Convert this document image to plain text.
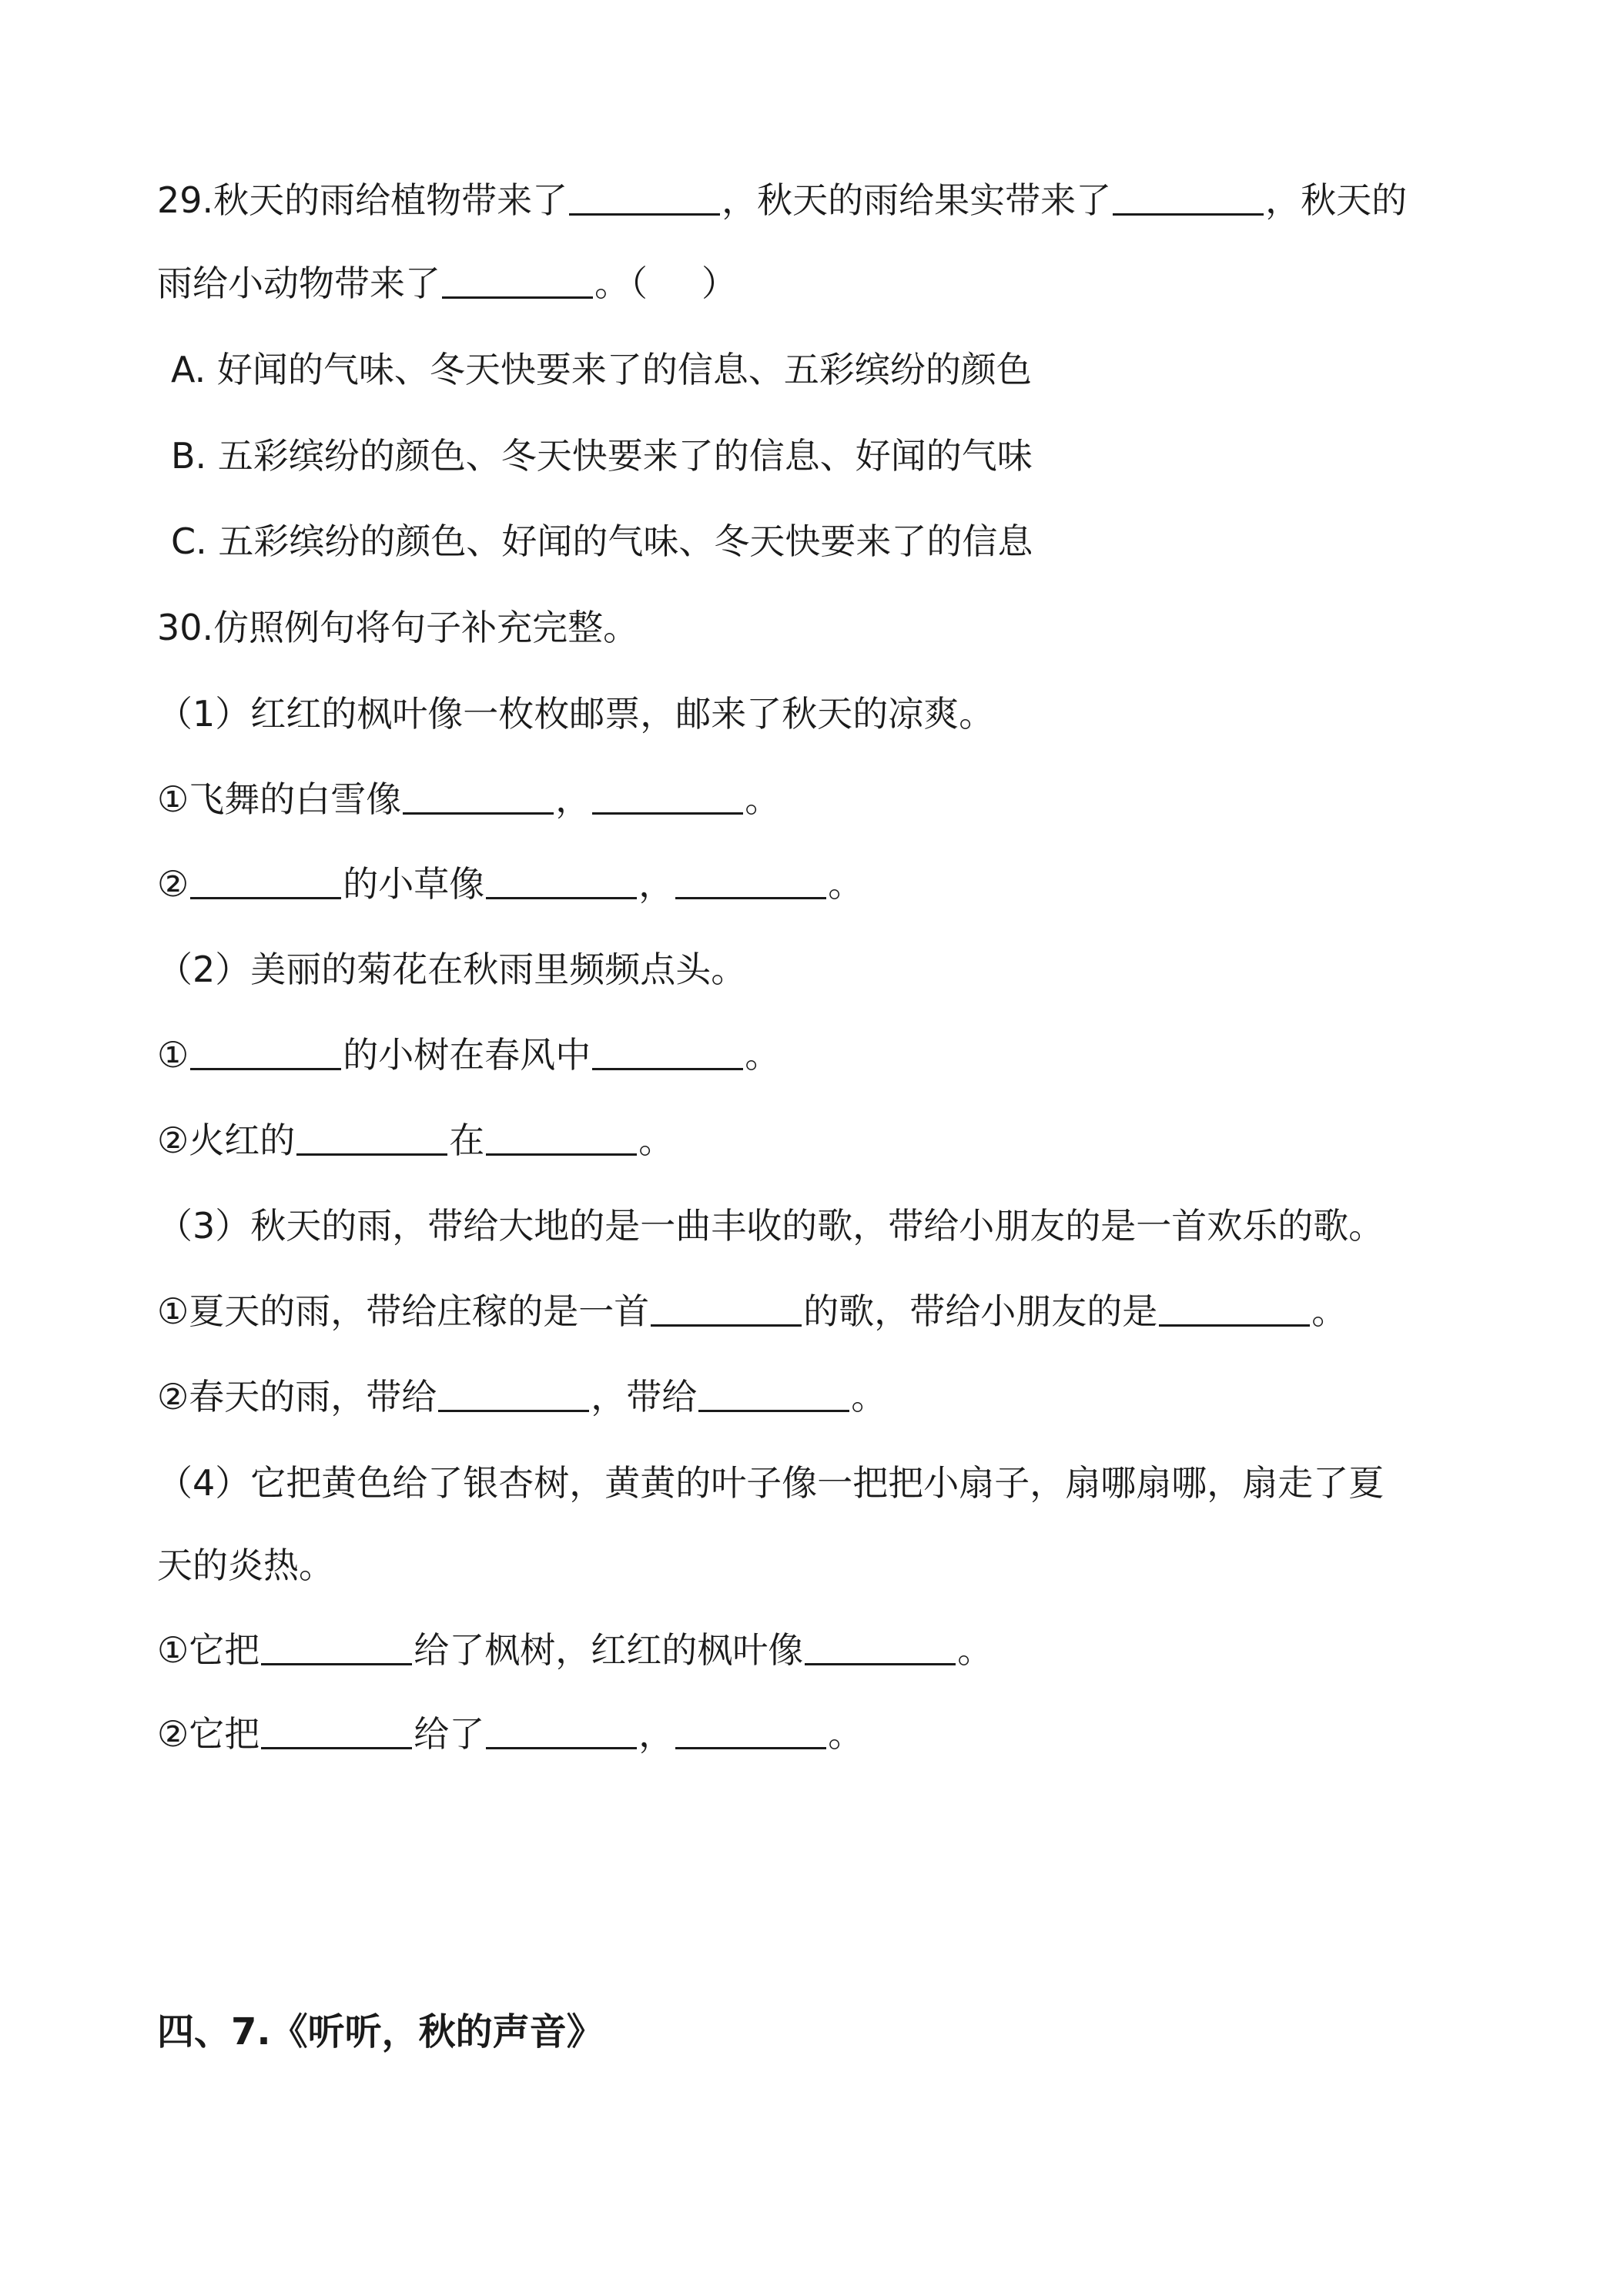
29.秋天的雨给植物带来了	，秋天的雨给果实带来了	，秋天的
雨给小动物带来了	。（ ）
A. 好闻的气味、冬天快要来了的信息、五彩缤纷的颜色
B. 五彩缤纷的颜色、冬天快要来了的信息、好闻的气味
C. 五彩缤纷的颜色、好闻的气味、冬天快要来了的信息
30.仿照例句将句子补充完整。
（1）红红的枫叶像一枚枚邮票，邮来了秋天的凉爽。
①飞舞的白雪像	，	。
②	的小草像	，	。
（2）美丽的菊花在秋雨里频频点头。
①	的小树在春风中	。
②火红的	在	。
（3）秋天的雨，带给大地的是一曲丰收的歌，带给小朋友的是一首欢乐的歌。
①夏天的雨，带给庄稼的是一首	的歌，带给小朋友的是	。
②春天的雨，带给	，带给	。
（4）它把黄色给了银杏树，黄黄的叶子像一把把小扇子，扇哪扇哪，扇走了夏
天的炎热。
①它把	给了枫树，红红的枫叶像	。
②它把	给了	，	。
四、7.《听听，秋的声音》
